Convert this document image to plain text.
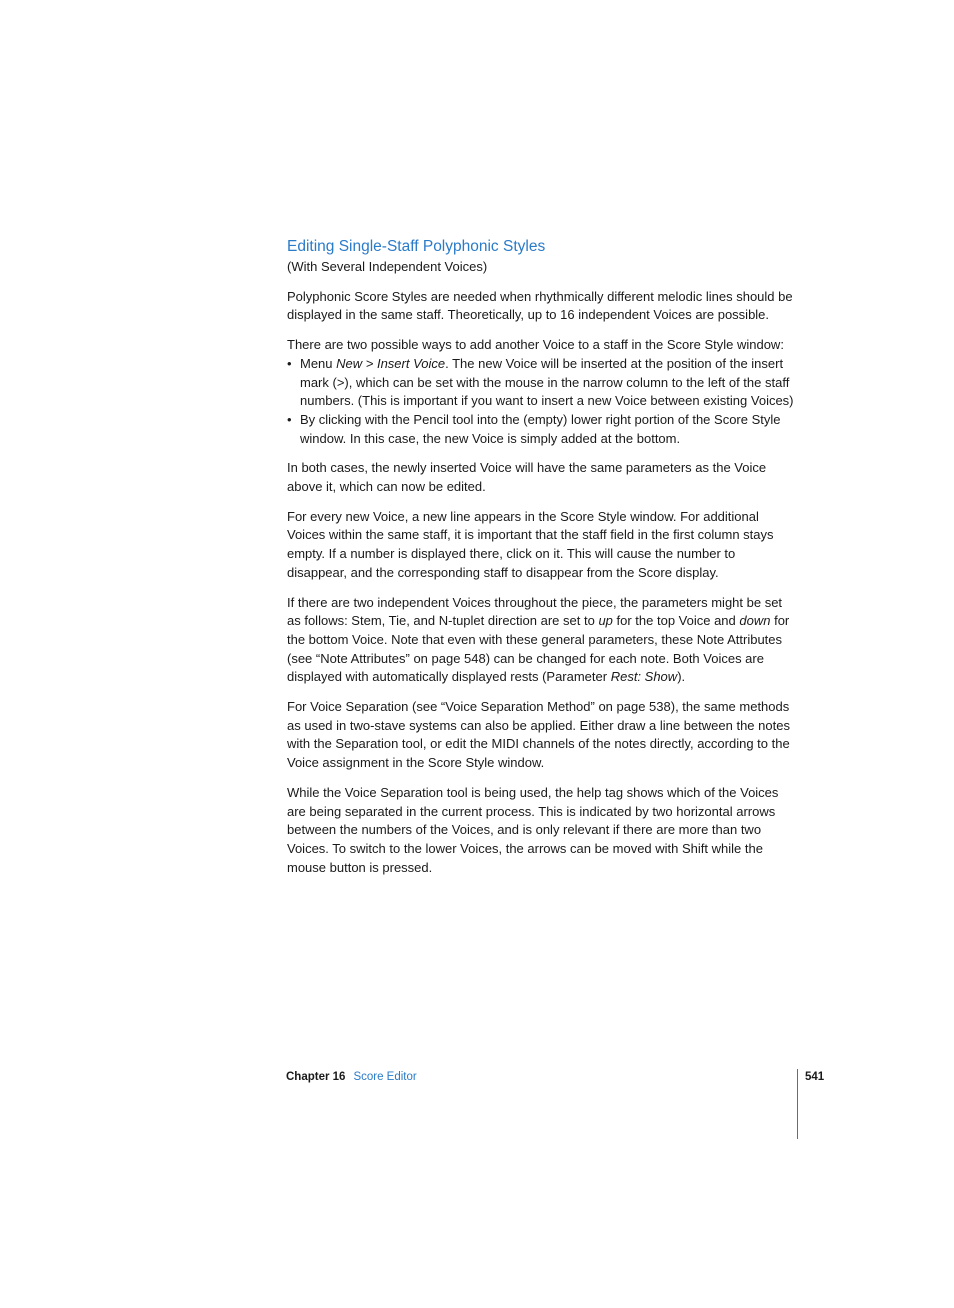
Editing Single-Staff Polyphonic Styles
(With Several Independent Voices)

Polyphonic Score Styles are needed when rhythmically different melodic lines should be displayed in the same staff. Theoretically, up to 16 independent Voices are possible.

There are two possible ways to add another Voice to a staff in the Score Style window:

• Menu New > Insert Voice. The new Voice will be inserted at the position of the insert mark (>), which can be set with the mouse in the narrow column to the left of the staff numbers. (This is important if you want to insert a new Voice between existing Voices)
• By clicking with the Pencil tool into the (empty) lower right portion of the Score Style window. In this case, the new Voice is simply added at the bottom.

In both cases, the newly inserted Voice will have the same parameters as the Voice above it, which can now be edited.

For every new Voice, a new line appears in the Score Style window. For additional Voices within the same staff, it is important that the staff field in the first column stays empty. If a number is displayed there, click on it. This will cause the number to disappear, and the corresponding staff to disappear from the Score display.

If there are two independent Voices throughout the piece, the parameters might be set as follows: Stem, Tie, and N-tuplet direction are set to up for the top Voice and down for the bottom Voice. Note that even with these general parameters, these Note Attributes (see “Note Attributes” on page 548) can be changed for each note. Both Voices are displayed with automatically displayed rests (Parameter Rest: Show).

For Voice Separation (see “Voice Separation Method” on page 538), the same methods as used in two-stave systems can also be applied. Either draw a line between the notes with the Separation tool, or edit the MIDI channels of the notes directly, according to the Voice assignment in the Score Style window.

While the Voice Separation tool is being used, the help tag shows which of the Voices are being separated in the current process. This is indicated by two horizontal arrows between the numbers of the Voices, and is only relevant if there are more than two Voices. To switch to the lower Voices, the arrows can be moved with Shift while the mouse button is pressed.

Chapter 16 Score Editor	541
